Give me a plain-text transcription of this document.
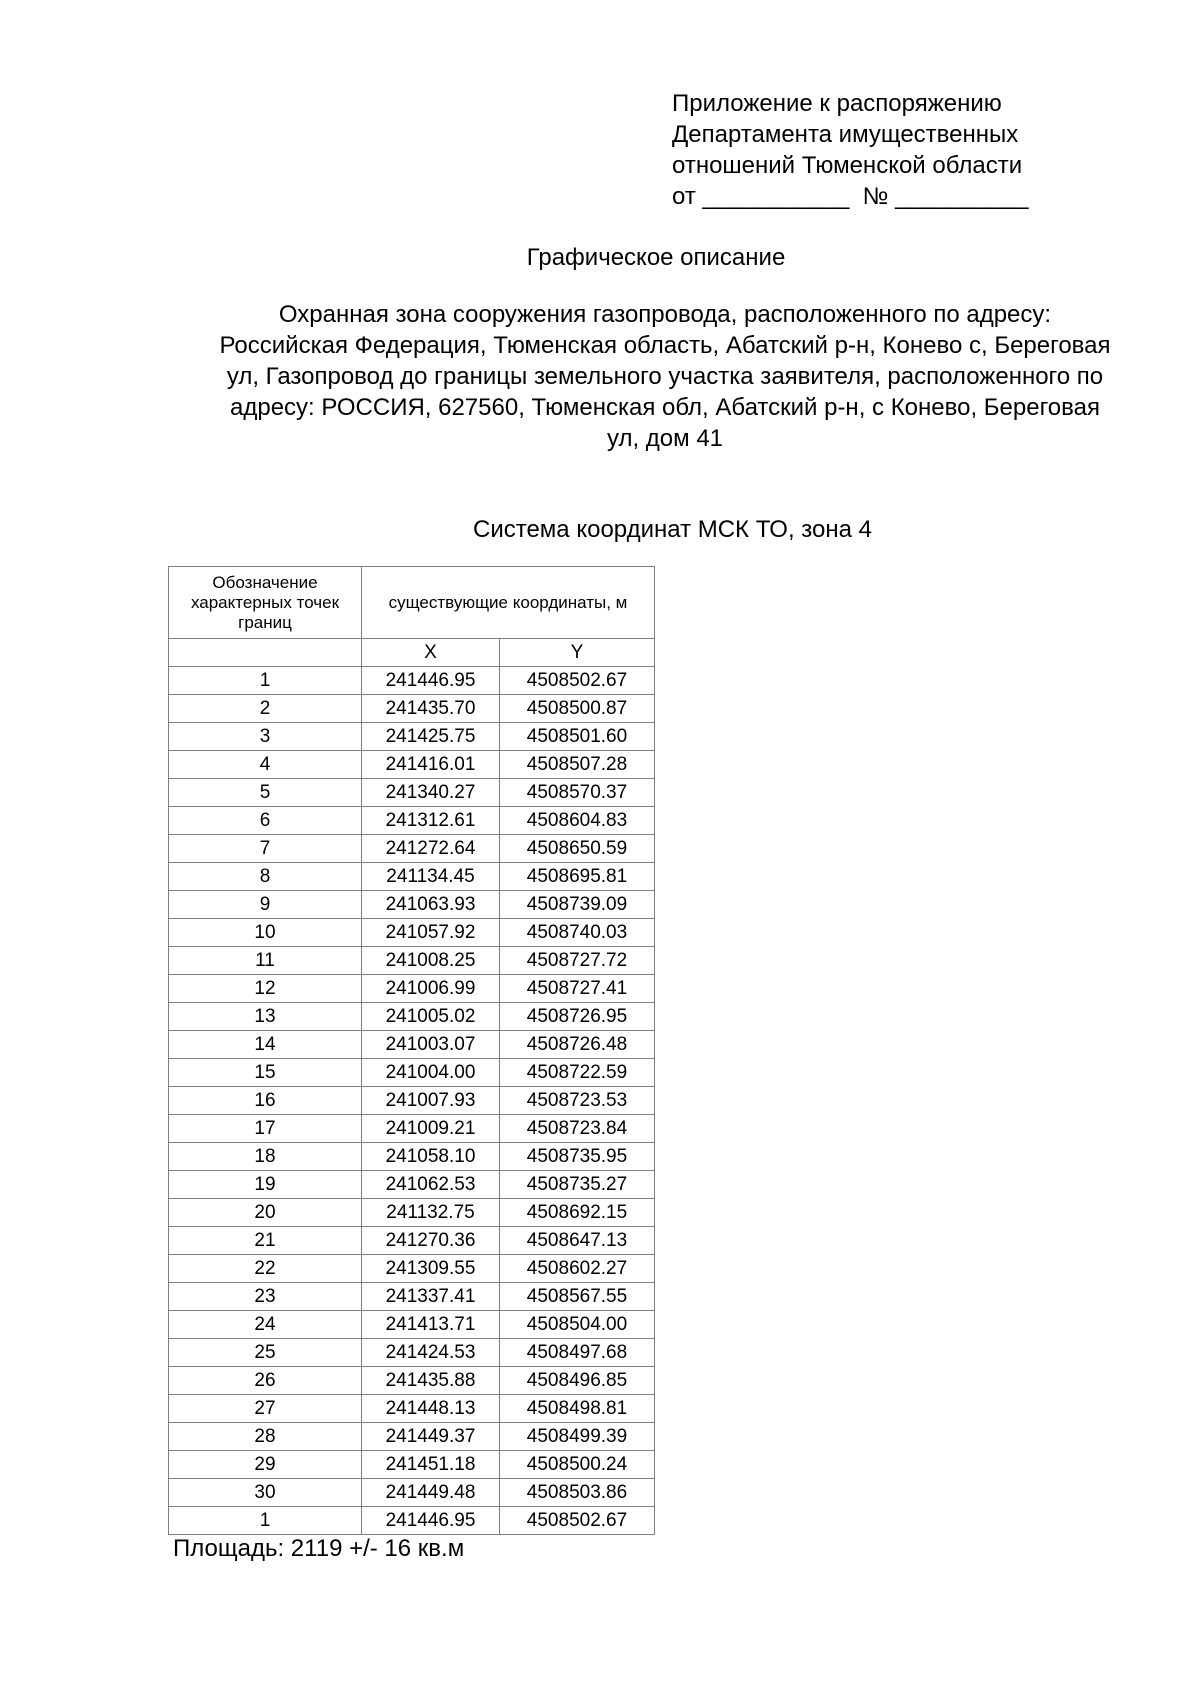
Приложение к распоряжению
Департамента имущественных
отношений Тюменской области
от ___________  № __________
Графическое описание
Охранная зона сооружения газопровода, расположенного по адресу:
Российская Федерация, Тюменская область, Абатский р-н, Конево с, Береговая
ул, Газопровод до границы земельного участка заявителя, расположенного по
адресу: РОССИЯ, 627560, Тюменская обл, Абатский р-н, с Конево, Береговая
ул, дом 41
Система координат МСК ТО, зона 4
Обозначение характерных точек границ	существующие координаты, м	
	X	Y
1	241446.95	4508502.67
2	241435.70	4508500.87
3	241425.75	4508501.60
4	241416.01	4508507.28
5	241340.27	4508570.37
6	241312.61	4508604.83
7	241272.64	4508650.59
8	241134.45	4508695.81
9	241063.93	4508739.09
10	241057.92	4508740.03
11	241008.25	4508727.72
12	241006.99	4508727.41
13	241005.02	4508726.95
14	241003.07	4508726.48
15	241004.00	4508722.59
16	241007.93	4508723.53
17	241009.21	4508723.84
18	241058.10	4508735.95
19	241062.53	4508735.27
20	241132.75	4508692.15
21	241270.36	4508647.13
22	241309.55	4508602.27
23	241337.41	4508567.55
24	241413.71	4508504.00
25	241424.53	4508497.68
26	241435.88	4508496.85
27	241448.13	4508498.81
28	241449.37	4508499.39
29	241451.18	4508500.24
30	241449.48	4508503.86
1	241446.95	4508502.67
Площадь: 2119 +/- 16 кв.м
